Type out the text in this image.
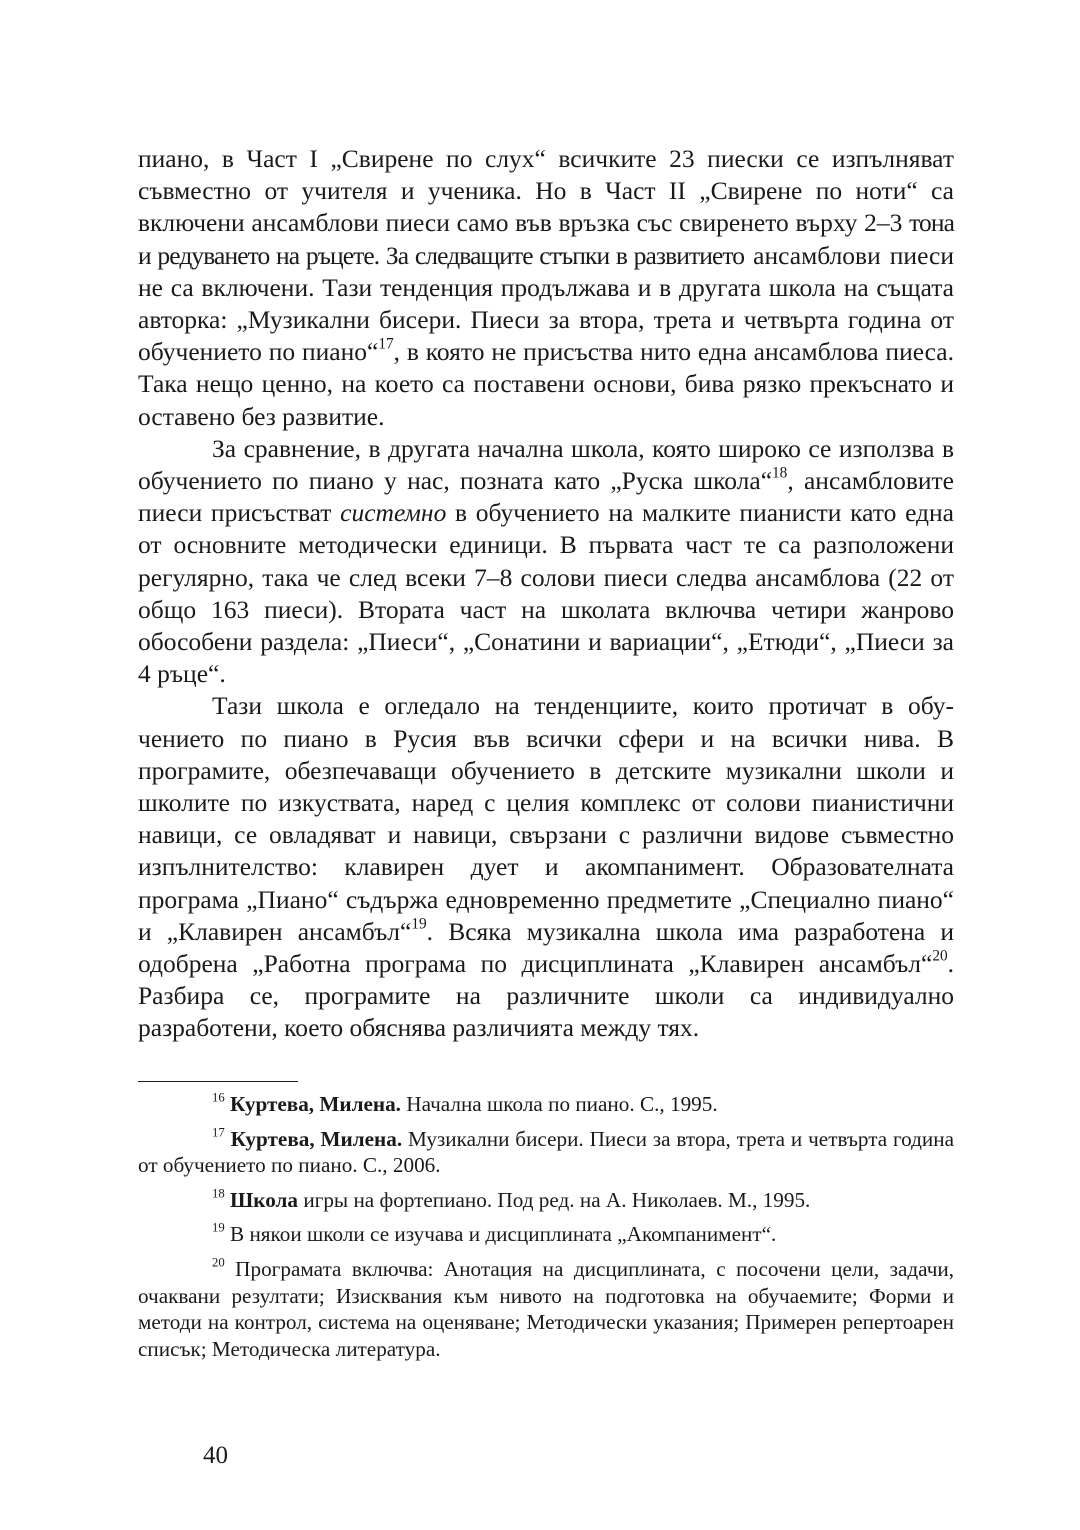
пиано, в Част I „Свирене по слух“ всичките 23 пиески се изпълняват съвместно от учителя и ученика. Но в Част II „Свирене по ноти“ са включени ансамблови пиеси само във връзка със свиренето върху 2–3 тона и редуването на ръцете. За следващите стъпки в развитието ансамблови пиеси не са включени. Тази тенденция продължава и в другата школа на същата авторка: „Музикални бисери. Пиеси за втора, трета и четвърта година от обучението по пиано“$^{17}$, в която не присъства нито една ансамблова пиеса. Така нещо ценно, на което са поставени основи, бива рязко прекъснато и оставено без развитие.

За сравнение, в другата начална школа, която широко се използва в обучението по пиано у нас, позната като „Руска школа“$^{18}$, ансамбловите пиеси присъстват системно в обучението на малките пианисти като една от основните методически единици. В първата част те са разположени регулярно, така че след всеки 7–8 солови пиеси следва ансамблова (22 от общо 163 пиеси). Втората част на школата включва четири жанрово обособени раздела: „Пиеси“, „Сонатини и вариации“, „Етюди“, „Пиеси за 4 ръце“.

Тази школа е огледало на тенденциите, които протичат в обучението по пиано в Русия във всички сфери и на всички нива. В програмите, обезпечаващи обучението в детските музикални школи и школите по изкуствата, наред с целия комплекс от солови пианистични навици, се овладяват и навици, свързани с различни видове съвместно изпълнителство: клавирен дует и акомпанимент. Образователната програма „Пиано“ съдържа едновременно предметите „Специално пиано“ и „Клавирен ансамбъл“$^{19}$. Всяка музикална школа има разработена и одобрена „Работна програма по дисциплината „Клавирен ансамбъл“$^{20}$. Разбира се, програмите на различните школи са индивидуално разработени, което обяснява различията между тях.

$^{16}$ Куртева, Милена. Начална школа по пиано. С., 1995.

$^{17}$ Куртева, Милена. Музикални бисери. Пиеси за втора, трета и четвърта година от обучението по пиано. С., 2006.

$^{18}$ Школа игры на фортепиано. Под ред. на А. Николаев. М., 1995.

$^{19}$ В някои школи се изучава и дисциплината „Акомпанимент“.

$^{20}$ Програмата включва: Анотация на дисциплината, с посочени цели, задачи, очаквани резултати; Изисквания към нивото на подготовка на обучаемите; Форми и методи на контрол, система на оценяване; Методически указания; Примерен репертоарен списък; Методическа литература.

40
